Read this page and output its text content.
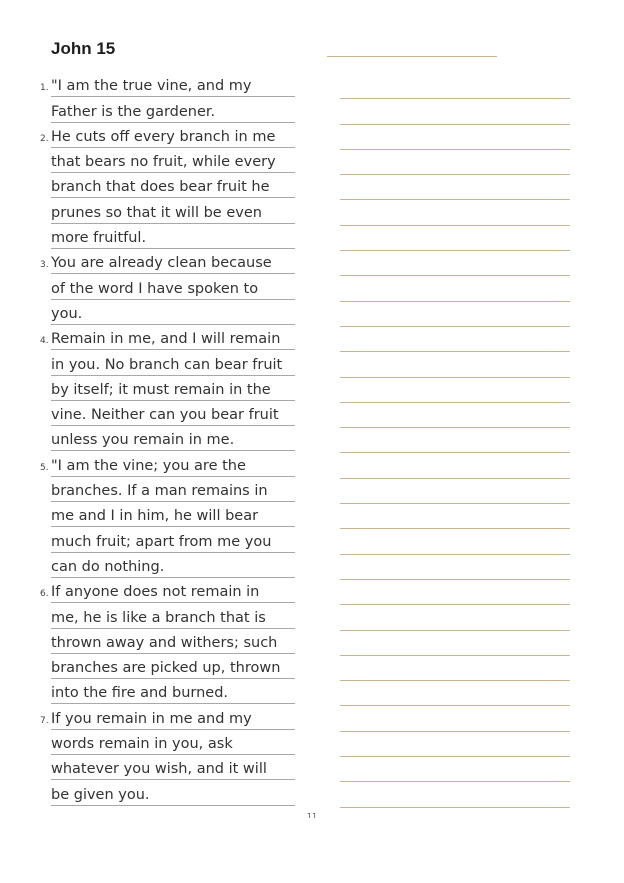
John 15
1. "I am the true vine, and my
Father is the gardener.
2. He cuts off every branch in me
that bears no fruit, while every
branch that does bear fruit he
prunes so that it will be even
more fruitful.
3. You are already clean because
of the word I have spoken to
you.
4. Remain in me, and I will remain
in you. No branch can bear fruit
by itself; it must remain in the
vine. Neither can you bear fruit
unless you remain in me.
5. "I am the vine; you are the
branches. If a man remains in
me and I in him, he will bear
much fruit; apart from me you
can do nothing.
6. If anyone does not remain in
me, he is like a branch that is
thrown away and withers; such
branches are picked up, thrown
into the fire and burned.
7. If you remain in me and my
words remain in you, ask
whatever you wish, and it will
be given you.
11
